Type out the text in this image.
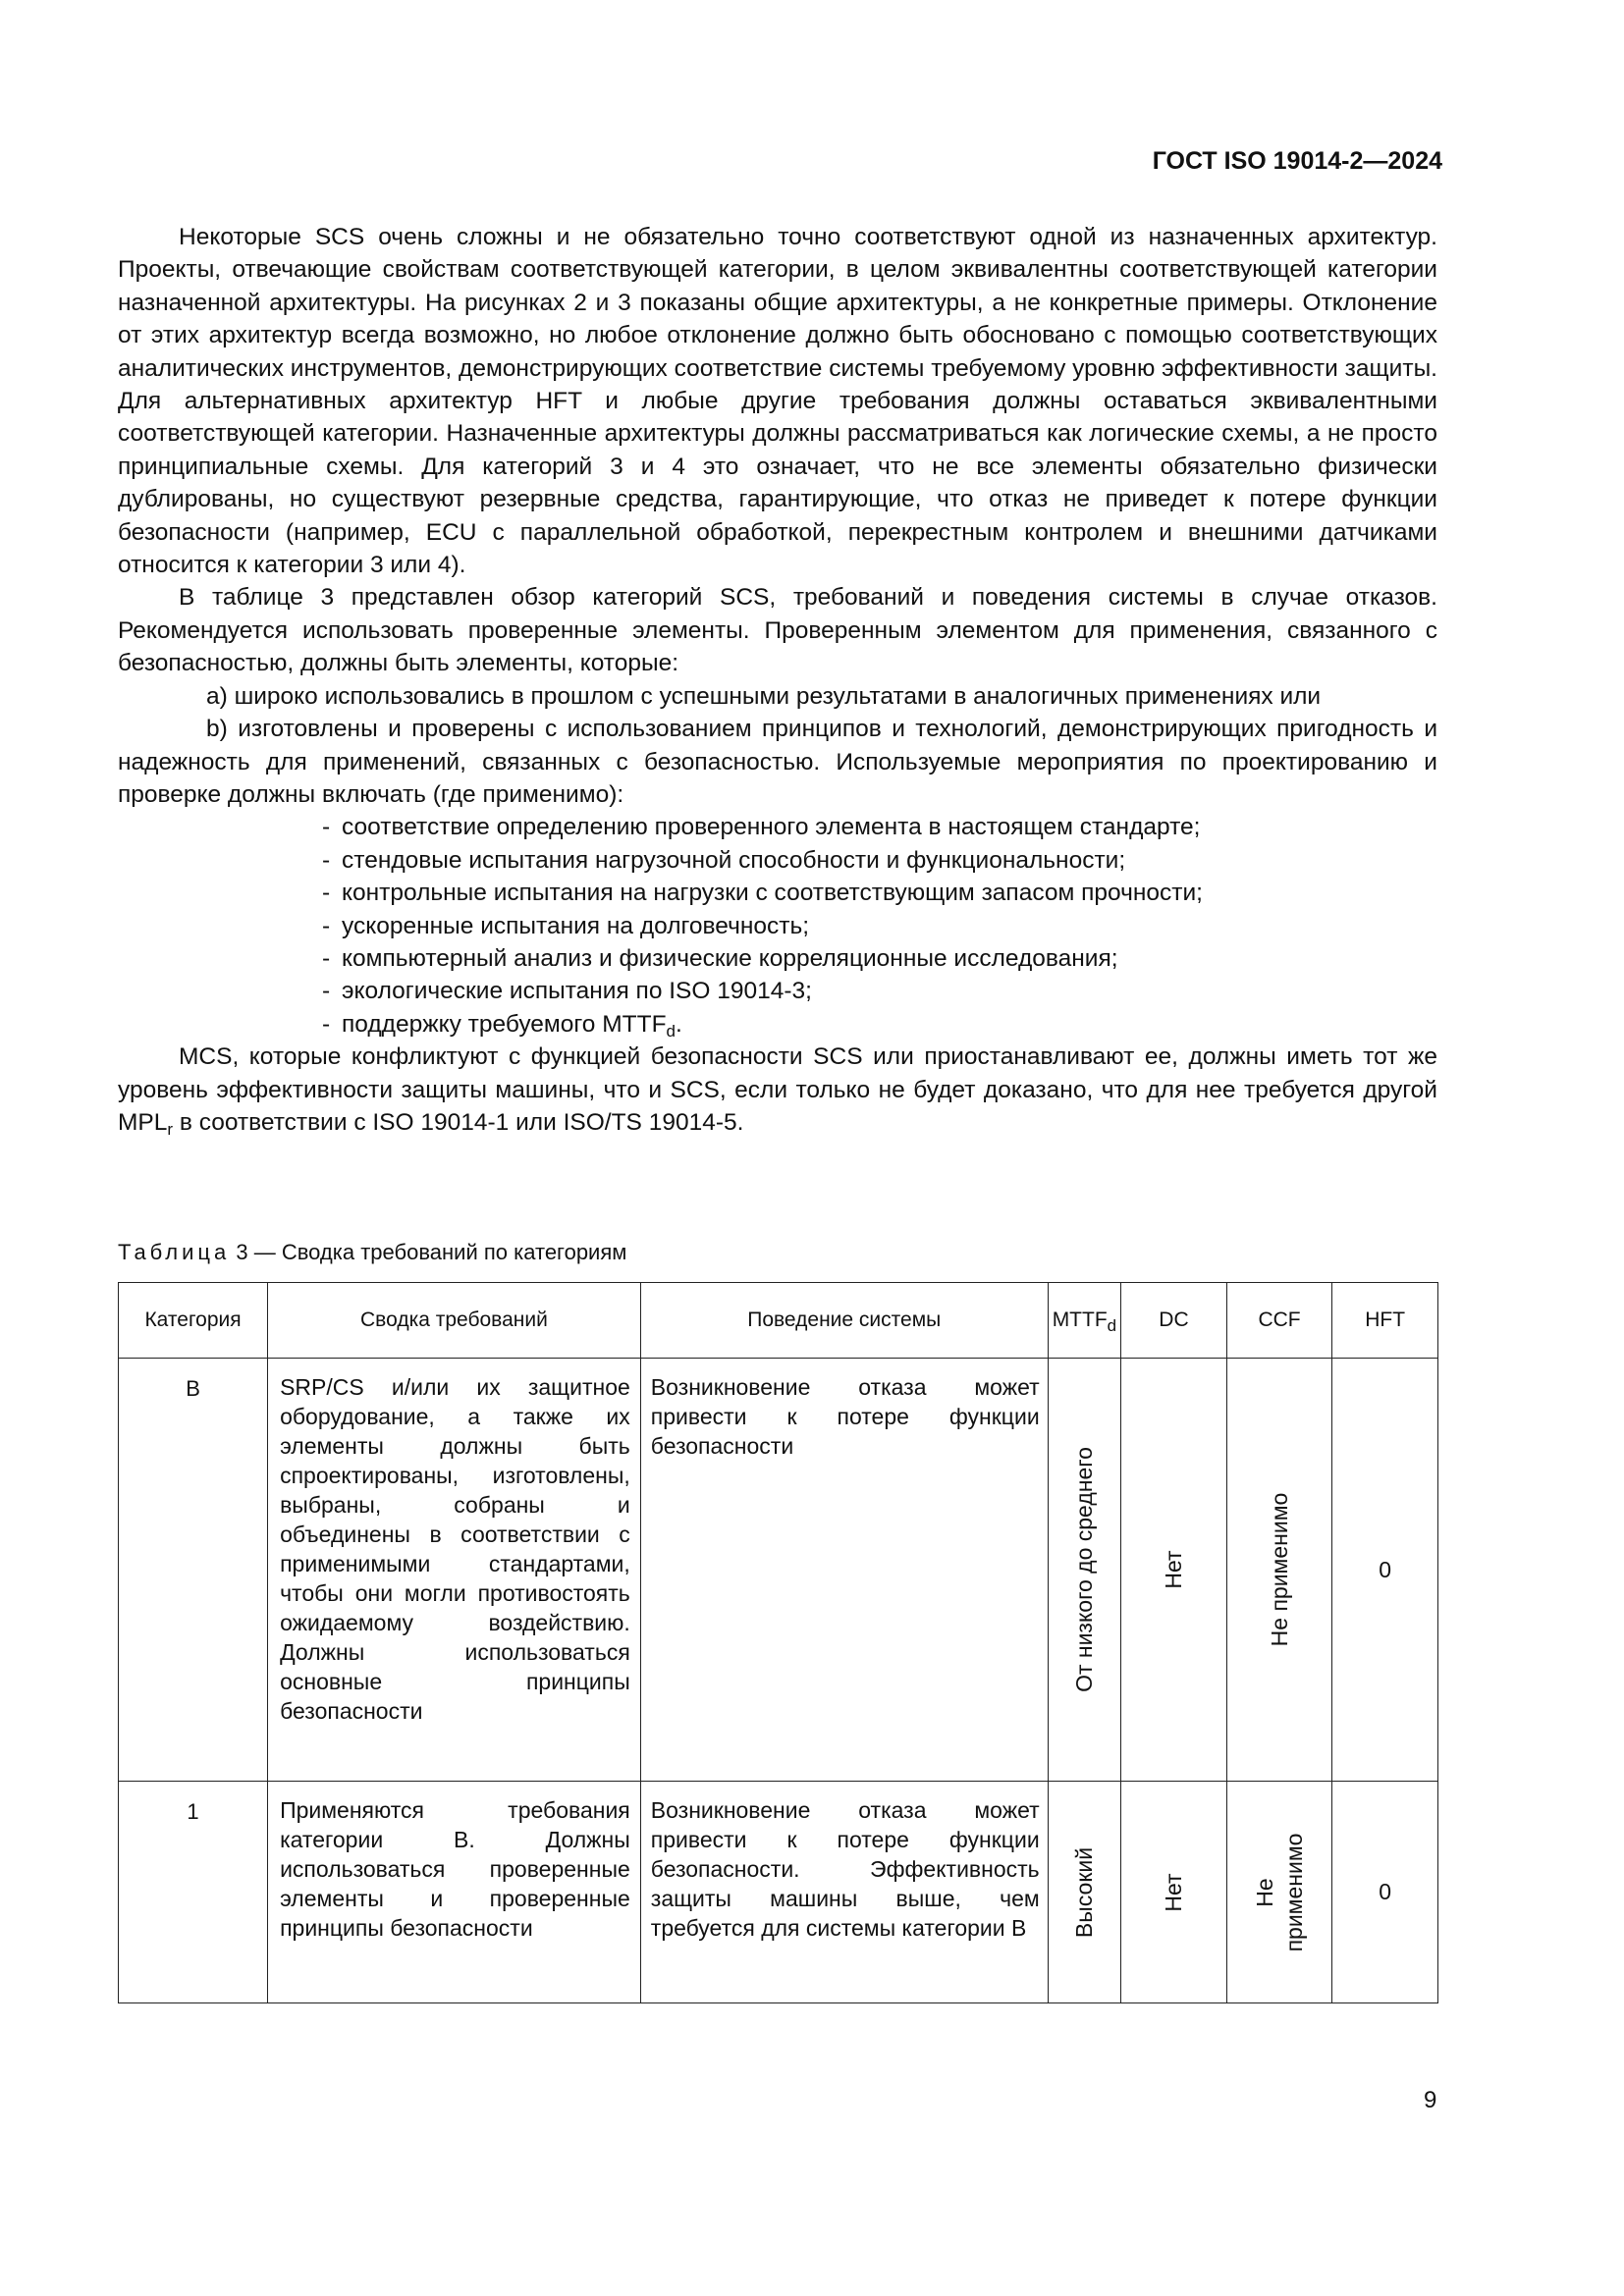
ГОСТ ISO 19014-2—2024

Некоторые SCS очень сложны и не обязательно точно соответствуют одной из назначенных архитектур. Проекты, отвечающие свойствам соответствующей категории, в целом эквивалентны соответствующей категории назначенной архитектуры. На рисунках 2 и 3 показаны общие архитектуры, а не конкретные примеры. Отклонение от этих архитектур всегда возможно, но любое отклонение должно быть обосновано с помощью соответствующих аналитических инструментов, демонстрирующих соответствие системы требуемому уровню эффективности защиты. Для альтернативных архитектур HFT и любые другие требования должны оставаться эквивалентными соответствующей категории. Назначенные архитектуры должны рассматриваться как логические схемы, а не просто принципиальные схемы. Для категорий 3 и 4 это означает, что не все элементы обязательно физически дублированы, но существуют резервные средства, гарантирующие, что отказ не приведет к потере функции безопасности (например, ECU с параллельной обработкой, перекрестным контролем и внешними датчиками относится к категории 3 или 4).

В таблице 3 представлен обзор категорий SCS, требований и поведения системы в случае отказов. Рекомендуется использовать проверенные элементы. Проверенным элементом для применения, связанного с безопасностью, должны быть элементы, которые:

a) широко использовались в прошлом с успешными результатами в аналогичных применениях или

b) изготовлены и проверены с использованием принципов и технологий, демонстрирующих пригодность и надежность для применений, связанных с безопасностью. Используемые мероприятия по проектированию и проверке должны включать (где применимо):

- соответствие определению проверенного элемента в настоящем стандарте;
- стендовые испытания нагрузочной способности и функциональности;
- контрольные испытания на нагрузки с соответствующим запасом прочности;
- ускоренные испытания на долговечность;
- компьютерный анализ и физические корреляционные исследования;
- экологические испытания по ISO 19014-3;
- поддержку требуемого $MTTF_d$.

MCS, которые конфликтуют с функцией безопасности SCS или приостанавливают ее, должны иметь тот же уровень эффективности защиты машины, что и SCS, если только не будет доказано, что для нее требуется другой $MPL_r$ в соответствии с ISO 19014-1 или ISO/TS 19014-5.

Таблица 3 — Сводка требований по категориям
Категория	Сводка требований	Поведение системы	$MTTF_d$	DC	CCF	HFT
B	SRP/CS и/или их защитное оборудование, а также их элементы должны быть спроектированы, изготовлены, выбраны, собраны и объединены в соответствии с применимыми стандартами, чтобы они могли противостоять ожидаемому воздействию. Должны использоваться основные принципы безопасности	Возникновение отказа может привести к потере функции безопасности	От низкого до среднего	Нет	Не применимо	0
1	Применяются требования категории B. Должны использоваться проверенные элементы и проверенные принципы безопасности	Возникновение отказа может привести к потере функции безопасности. Эффективность защиты машины выше, чем требуется для системы категории B	Высокий	Нет	Не применимо	0
9
